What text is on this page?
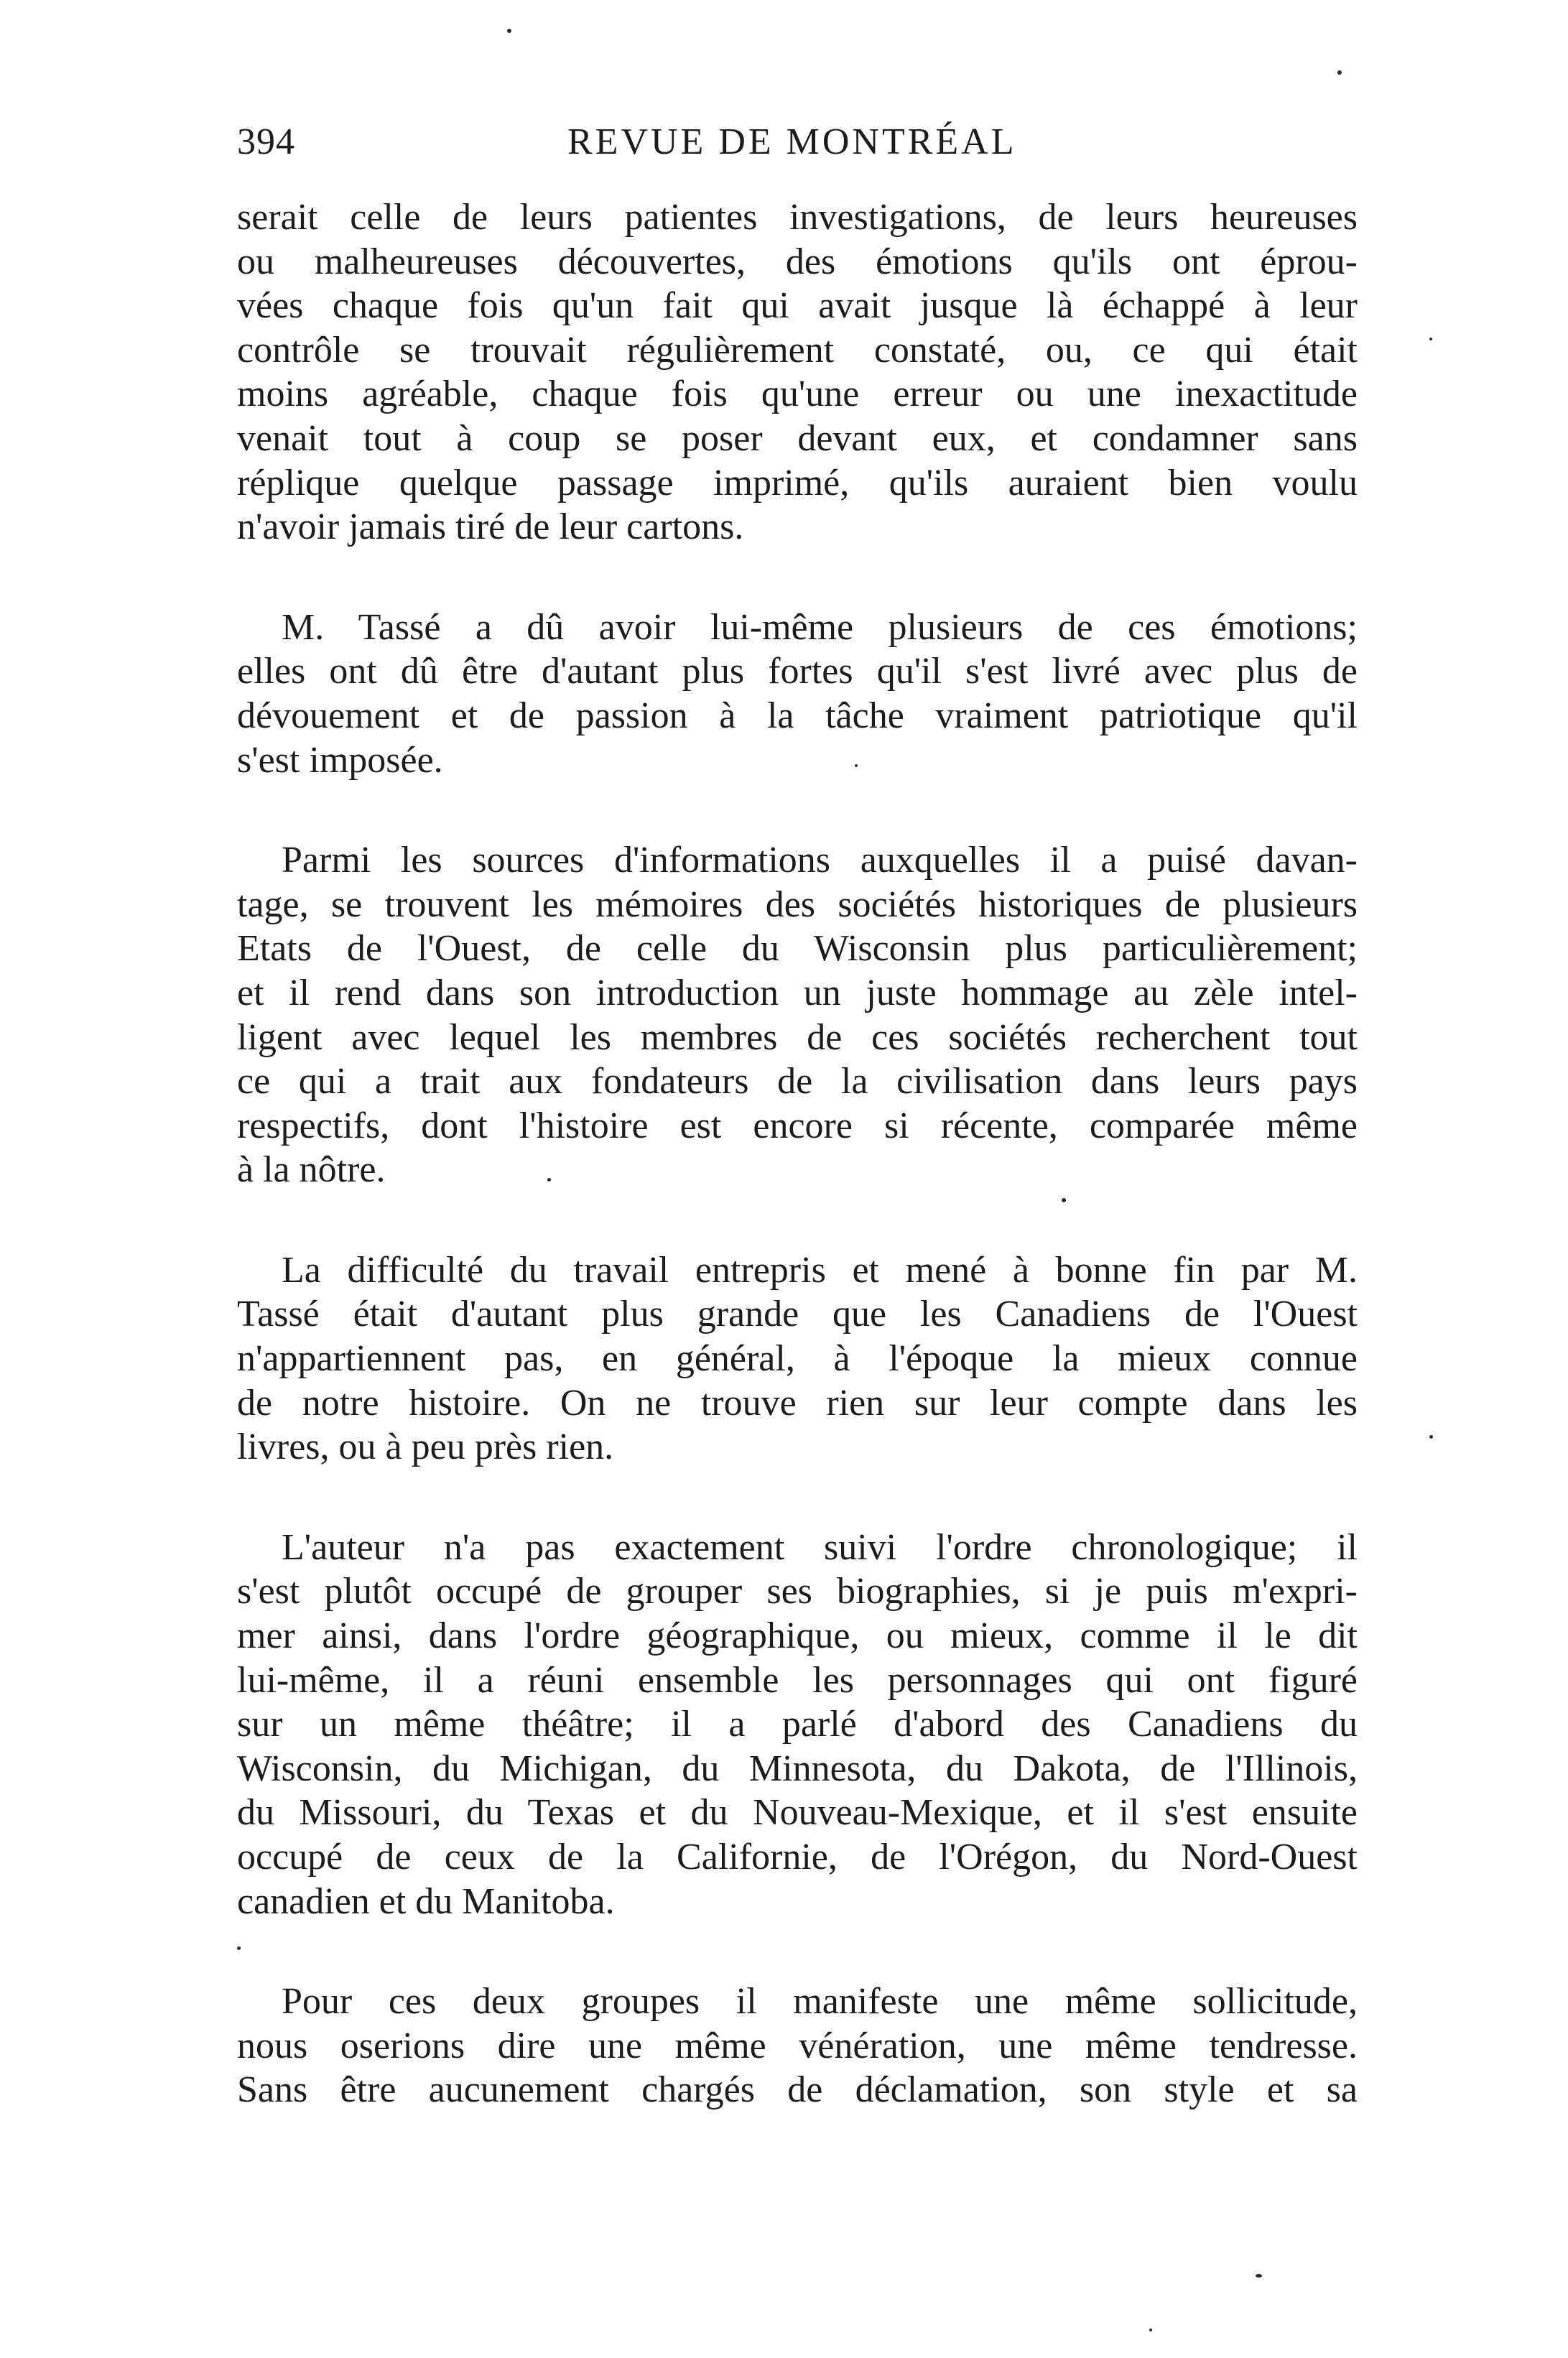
394	REVUE DE MONTRÉAL
serait celle de leurs patientes investigations, de leurs heureuses
ou malheureuses découvertes, des émotions qu'ils ont éprou-
vées chaque fois qu'un fait qui avait jusque là échappé à leur
contrôle se trouvait régulièrement constaté, ou, ce qui était
moins agréable, chaque fois qu'une erreur ou une inexactitude
venait tout à coup se poser devant eux, et condamner sans
réplique quelque passage imprimé, qu'ils auraient bien voulu
n'avoir jamais tiré de leur cartons.
M. Tassé a dû avoir lui-même plusieurs de ces émotions;
elles ont dû être d'autant plus fortes qu'il s'est livré avec plus de
dévouement et de passion à la tâche vraiment patriotique qu'il
s'est imposée.
Parmi les sources d'informations auxquelles il a puisé davan-
tage, se trouvent les mémoires des sociétés historiques de plusieurs
Etats de l'Ouest, de celle du Wisconsin plus particulièrement;
et il rend dans son introduction un juste hommage au zèle intel-
ligent avec lequel les membres de ces sociétés recherchent tout
ce qui a trait aux fondateurs de la civilisation dans leurs pays
respectifs, dont l'histoire est encore si récente, comparée même
à la nôtre.
La difficulté du travail entrepris et mené à bonne fin par M.
Tassé était d'autant plus grande que les Canadiens de l'Ouest
n'appartiennent pas, en général, à l'époque la mieux connue
de notre histoire. On ne trouve rien sur leur compte dans les
livres, ou à peu près rien.
L'auteur n'a pas exactement suivi l'ordre chronologique; il
s'est plutôt occupé de grouper ses biographies, si je puis m'expri-
mer ainsi, dans l'ordre géographique, ou mieux, comme il le dit
lui-même, il a réuni ensemble les personnages qui ont figuré
sur un même théâtre; il a parlé d'abord des Canadiens du
Wisconsin, du Michigan, du Minnesota, du Dakota, de l'Illinois,
du Missouri, du Texas et du Nouveau-Mexique, et il s'est ensuite
occupé de ceux de la Californie, de l'Orégon, du Nord-Ouest
canadien et du Manitoba.
Pour ces deux groupes il manifeste une même sollicitude,
nous oserions dire une même vénération, une même tendresse.
Sans être aucunement chargés de déclamation, son style et sa
